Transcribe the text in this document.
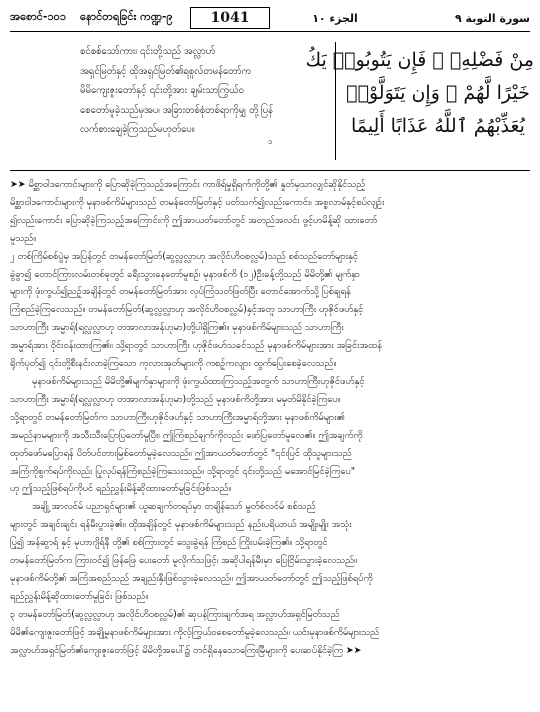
အစောင်-၁၀၁	နောင်တရခြင်း ကဏ္ဍ-၉	1041	الجزء ١٠	سورة التوبة ٩
စင်စစ်သော်ကား၊ ၎င်းတို့သည် အလ္လာဟ်
အရှင်မြတ်နှင့် ထိုအရှင်မြတ်၏ရစူလ်တမန်တော်က
မိမိကျေးဇူးတော်နှင့် ၎င်းတို့အား ချမ်းသာကြွယ်ဝ
စေတော်မူခဲ့သည်မှအပ၊ အခြားတစ်စုံတစ်ရာကိုမျှ တို့ပြန်
လက်စားချေခဲ့ကြသည်မဟုတ်ပေ။
၁
مِنْ فَضْلِهِۦ ۚ فَإِن يَتُوبُوا۟ يَكُ
خَيْرًا لَّهُمْ ۖ وَإِن يَتَوَلَّوْا۟
يُعَذِّبْهُمُ ٱللَّهُ عَذَابًا أَلِيمًا
➤➤ မိစ္ဆာဝါဒကောင်းများကို ပြောဆိုခဲ့ကြသည့်အကြောင်း ကာဖိရ်မှုရှိရက်ကိုတို့၏ နှုတ်မှသာလျှင်ဆိုနိုင်သည့်
မိစ္ဆာဝါဒကောင်းများကို မုနာဖစ်ကိမ်များသည် တမန်တော်မြတ်နှင့် ပတ်သက်၍လည်းကောင်း၊ အစ္စလာမ်နှင့်စပ်လျဉ်း
၍လည်းကောင်း ပြောဆိုခဲ့ကြသည့်အကြောင်းကို ဤအာယတ်တော်တွင် အတည်အလင်း ဖွင့်ဟမိန့်ဆို ထားတော်
မူသည်။
၂ တစ်ကြိမ်စစ်ပွဲမှ အပြန်တွင် တမန်တော်မြတ်(ဆွလ္လလ္လာဟု အလိုင်ဟိဝစလ္လမ်)သည် စစ်သည်တော်များနှင့်
ခွဲခွာ၍ တောင်ကြားလမ်းတစ်ခုတွင် ခရီးသွားနေတော်မူစဉ်၊ မုနာဖစ်ကိ (၁၂)ဦးခန့်တို့သည် မိမိတို့၏ မျက်နှာ
များကို ဖုံးကွယ်၍ညဉ့်အချိန်တွင် တမန်တော်မြတ်အား လုပ်ကြံသတ်ဖြတ်ပြီး တောင်အောက်သို့ ပြစ်ချရန်
ကြံစည်ခဲ့ကြလေသည်။ တမန်တော်မြတ်(ဆွလ္လလ္လာဟု အလိုင်ဟိဝစလ္လမ်)နှင့်အတူ သာဟာကြီး ဟုဇိုင်ဖဟ်နှင့်
သာဟာကြီး အမ္မာရ်(ရလ္လလ္လာဟု တအာလာအန်ဟုမာ)တို့ပါရှိကြ၏။ မုနာဖစ်ကိမ်များသည် သာဟာကြီး
အမ္မာရ်အား ဝိုင်းဝန်းထားကြ၏။ သို့ရာတွင် သာဟာကြီး ဟုဇိုင်ဖဟ်သခင်သည် မုနာဖစ်ကိမ်များအား အခြင်းအထန်
ရိုက်ပုတ်၍ ၎င်းတို့စီးနင်းလာခဲ့ကြသော ကုလားအုတ်များကို ကစဉ့်ကလျား ထွက်ပြေးစေခဲ့လေသည်။
မုနာဖစ်ကိမ်များသည် မိမိတို့၏မျက်နှာများကို ဖုံးကွယ်ထားကြသည့်အတွက် သာဟာကြီးဟုဇိုင်ဖဟ်နှင့်
သာဟာကြီး အမ္မာရ်(ရလ္လလ္လာဟု တအာလာအန်ဟုမာ)တို့သည် မုနာဖစ်ကိတို့အား မမှတ်မိနိုင်ခဲ့ကြပေ။
သို့ရာတွင် တမန်တော်မြတ်က သာဟာကြီးဟုဇိုင်ဖဟ်နှင့် သာဟာကြီးအမ္မာရ်တို့အား မုနာဖစ်ကိမ်များ၏
အမည်နာမများကို အသီးသီးပြောပြတော်မူပြီး၊ ဤကြံစည်ချက်ကိုလည်း ဖော်ပြတော်မူလေ၏။ ဤအချက်ကို
ထုတ်ဖော်မပြောရန် ပိတ်ပင်တားမြစ်တော်မူခဲ့လေသည်။ ဤအာယတ်တော်တွင် "၎င်းပြင် ထိုသူများသည်
အကြံကိုစွက်ရပ်ကိုလည်း ပြုလုပ်ရန်ကြံစည်ခဲ့ကြသေးသည်။ သို့ရာတွင် ၎င်းတို့သည် မအောင်မြင်ခဲ့ကြပေ"
ဟု ဤသည့်ဖြစ်ရပ်ကိုပင် ရည်ညွှန်းမိန့်ဆိုထားတော်မူခြင်းဖြစ်သည်။
အချို့ အာလင်မ် ပညာရှင်များ၏ ယူဆချက်တရပ်မှာ တချိန်သော် မွတ်စ်လင်မ် စစ်သည်
များတွင် အချင်းချင်း ရန်မီးပွားခဲ့၏။ ထိုအချိန်တွင် မုနာဖစ်ကိမ်များသည် နည်းပရိယာယ် အမျိုးမျိုး အသုံး
ပြု၍ အန်ဆွာရ် နှင့် မုဟာဂျိရ်နီ တို့၏ စစ်ကြားတွင် သွေးခွဲရန် ကြံစည် ကြိုးပမ်းခဲ့ကြ၏။ သို့ရာတွင်
တမန်တော်မြတ်က ကြားဝင်၍ ဖြန်ဖြေ ပေးတော် မူလိုက်သဖြင့်၊ အဆိုပါရန်မီးမှာ ပြေငြိမ်းသွားခဲ့လေသည်။
မုနာဖစ်ကိမ်တို့၏ အကြံအစည်သည် အချည်းနှီးဖြစ်သွားခဲ့လေသည်။ ဤအာယတ်တော်တွင် ဤသည့်ဖြစ်ရပ်ကို
ရည်ညွှန်းမိန့်ဆိုထားတော်မူခြင်း ဖြစ်သည်။
၃ တမန်တော်မြတ်(ဆွလ္လလ္လာဟု အလိုင်ဟိဝစလ္လမ်)၏ ဆုပန်ကြားချက်အရ အလ္လာဟ်အရှင်မြတ်သည်
မိမိ၏ကျေးဇူးတော်ဖြင့် အချို့မုနာဖစ်ကိမ်များအား ကိုလ့်ကြွယ်ဝစေတော်မူခဲ့လေသည်။ ယင်းမုနာဖစ်ကိမ်များသည်
အလ္လာဟ်အရှင်မြတ်၏ကျေးဇူးတော်ဖြင့် မိမိတို့အပေါ်၌ တင်ရှိနေသောကြေးမြီများကို ပေးဆပ်နိုင်ခဲ့ကြ ➤➤
